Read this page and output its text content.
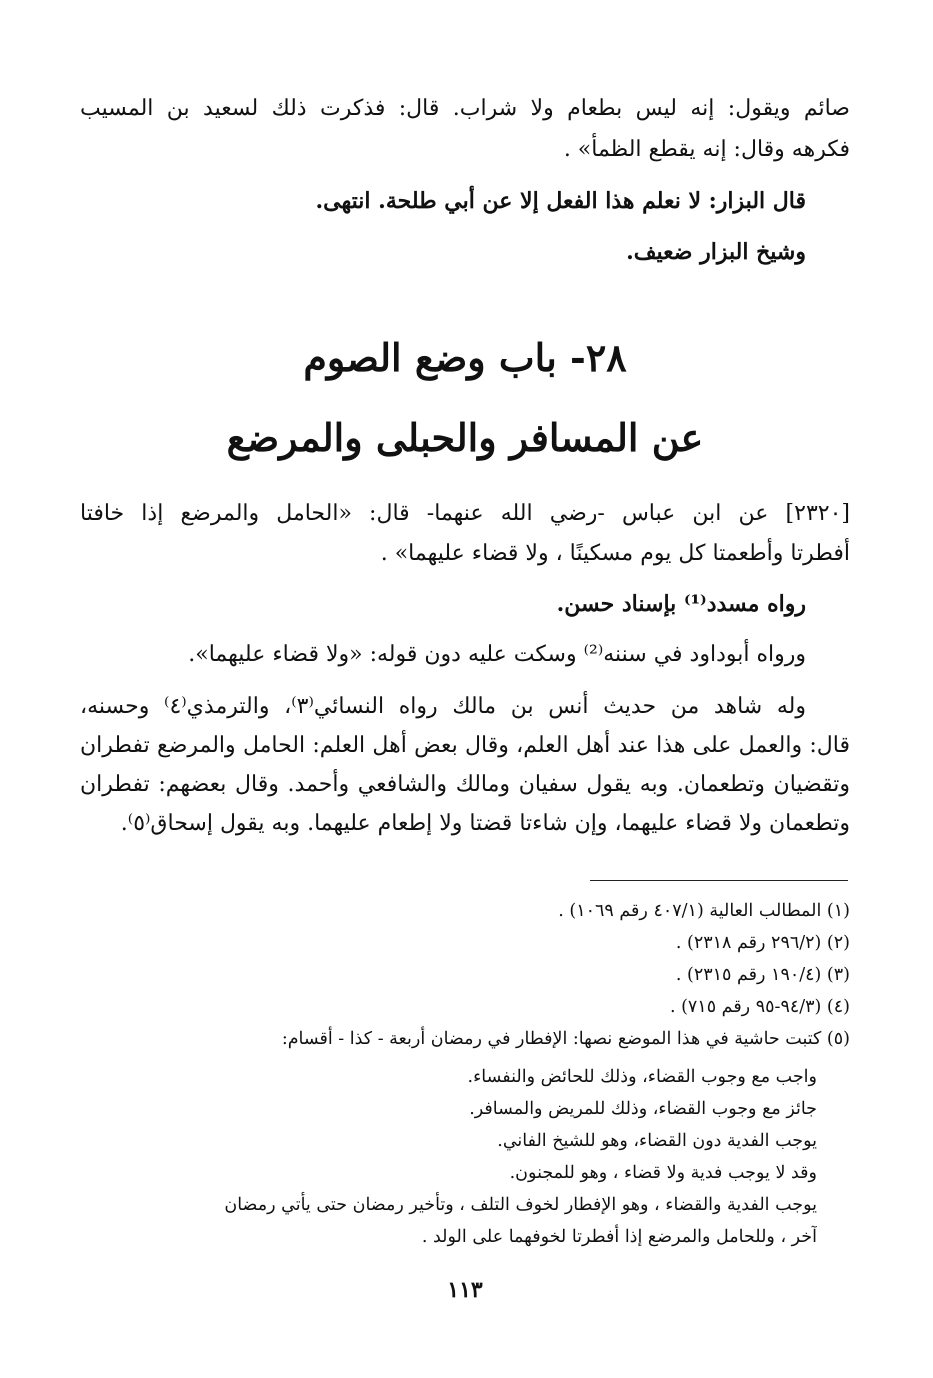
صائم ويقول: إنه ليس بطعام ولا شراب. قال: فذكرت ذلك لسعيد بن المسيب
فكرهه وقال: إنه يقطع الظمأ» .
قال البزار: لا نعلم هذا الفعل إلا عن أبي طلحة. انتهى.
وشيخ البزار ضعيف.
٢٨- باب وضع الصوم
عن المسافر والحبلى والمرضع
[٢٣٢٠] عن ابن عباس -رضي الله عنهما- قال: «الحامل والمرضع إذا خافتا
أفطرتا وأطعمتا كل يوم مسكينًا ، ولا قضاء عليهما» .
رواه مسدد⁽¹⁾ بإسناد حسن.
ورواه أبوداود في سننه⁽²⁾ وسكت عليه دون قوله: «ولا قضاء عليهما».
وله شاهد من حديث أنس بن مالك رواه النسائي⁽٣⁾، والترمذي⁽٤⁾ وحسنه،
قال: والعمل على هذا عند أهل العلم، وقال بعض أهل العلم: الحامل والمرضع تفطران
وتقضيان وتطعمان. وبه يقول سفيان ومالك والشافعي وأحمد. وقال بعضهم: تفطران
وتطعمان ولا قضاء عليهما، وإن شاءتا قضتا ولا إطعام عليهما. وبه يقول إسحاق⁽٥⁾.
(١) المطالب العالية (٤٠٧/١ رقم ١٠٦٩) .
(٢) (٢٩٦/٢ رقم ٢٣١٨) .
(٣) (١٩٠/٤ رقم ٢٣١٥) .
(٤) (٩٤/٣-٩٥ رقم ٧١٥) .
(٥) كتبت حاشية في هذا الموضع نصها: الإفطار في رمضان أربعة - كذا - أقسام:
واجب مع وجوب القضاء، وذلك للحائض والنفساء.
جائز مع وجوب القضاء، وذلك للمريض والمسافر.
يوجب الفدية دون القضاء، وهو للشيخ الفاني.
وقد لا يوجب فدية ولا قضاء ، وهو للمجنون.
يوجب الفدية والقضاء ، وهو الإفطار لخوف التلف ، وتأخير رمضان حتى يأتي رمضان
آخر ، وللحامل والمرضع إذا أفطرتا لخوفهما على الولد .
١١٣
